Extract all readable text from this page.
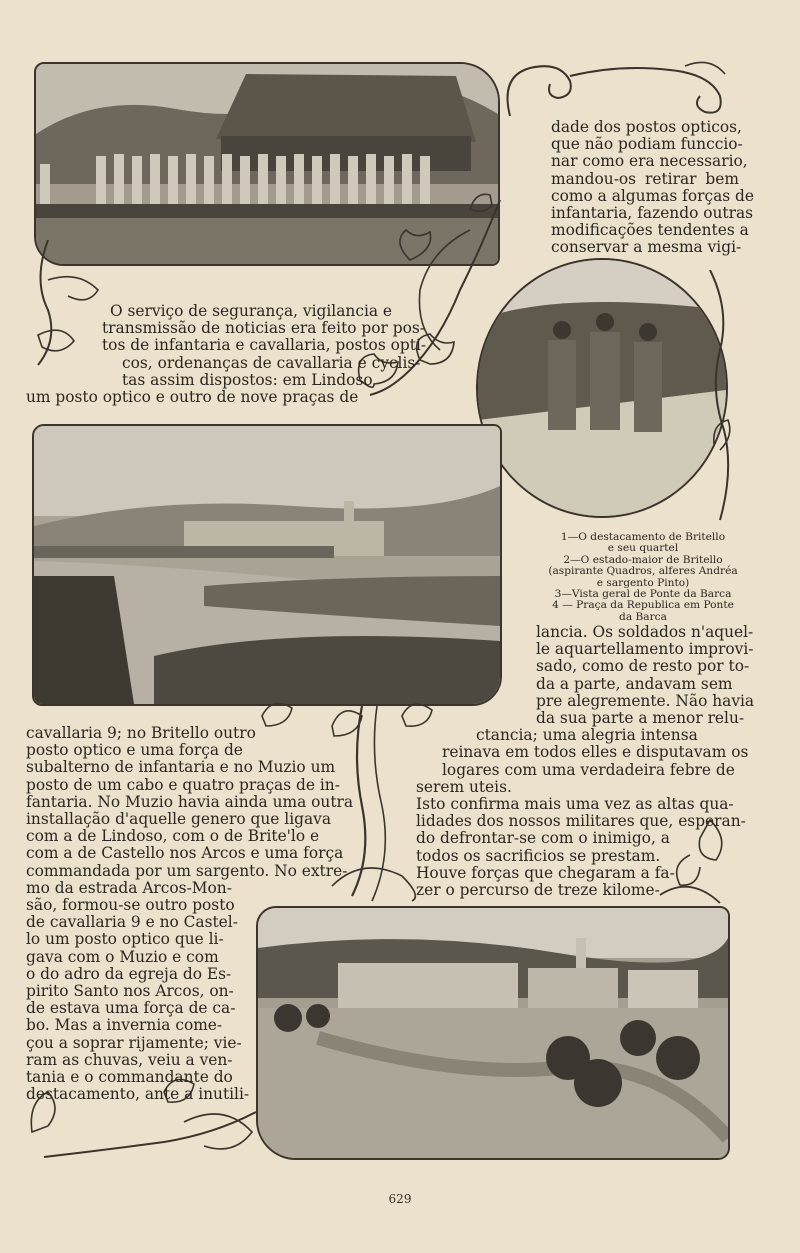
dade dos postos opticos,
que não podiam funccio-
nar como era necessario,
mandou-os retirar bem
como a algumas forças de
infantaria, fazendo outras
modificações tendentes a
conservar a mesma vigi-
O serviço de segurança, vigilancia e
transmissão de noticias era feito por pos-
tos de infantaria e cavallaria, postos opti-
cos, ordenanças de cavallaria e cyclis-
tas assim dispostos: em Lindoso
um posto optico e outro de nove praças de
1—O destacamento de Britello
e seu quartel
2—O estado-maior de Britello
(aspirante Quadros, alferes Andréa
e sargento Pinto)
3—Vista geral de Ponte da Barca
4 — Praça da Republica em Ponte
da Barca
lancia. Os soldados n'aquel-
le aquartellamento improvi-
sado, como de resto por to-
da a parte, andavam sem
pre alegremente. Não havia
da sua parte a menor relu-
ctancia; uma alegria intensa
reinava em todos elles e disputavam os
logares com uma verdadeira febre de
serem uteis.
Isto confirma mais uma vez as altas qua-
lidades dos nossos militares que, esperan-
do defrontar-se com o inimigo, a
todos os sacrificios se prestam.
Houve forças que chegaram a fa-
zer o percurso de treze kilome-
cavallaria 9; no Britello outro
posto optico e uma força de
subalterno de infantaria e no Muzio um
posto de um cabo e quatro praças de in-
fantaria. No Muzio havia ainda uma outra
installação d'aquelle genero que ligava
com a de Lindoso, com o de Brite'lo e
com a de Castello nos Arcos e uma força
commandada por um sargento. No extre-
mo da estrada Arcos-Mon-
são, formou-se outro posto
de cavallaria 9 e no Castel-
lo um posto optico que li-
gava com o Muzio e com
o do adro da egreja do Es-
pirito Santo nos Arcos, on-
de estava uma força de ca-
bo. Mas a invernia come-
çou a soprar rijamente; vie-
ram as chuvas, veiu a ven-
tania e o commandante do
destacamento, ante a inutili-
629
